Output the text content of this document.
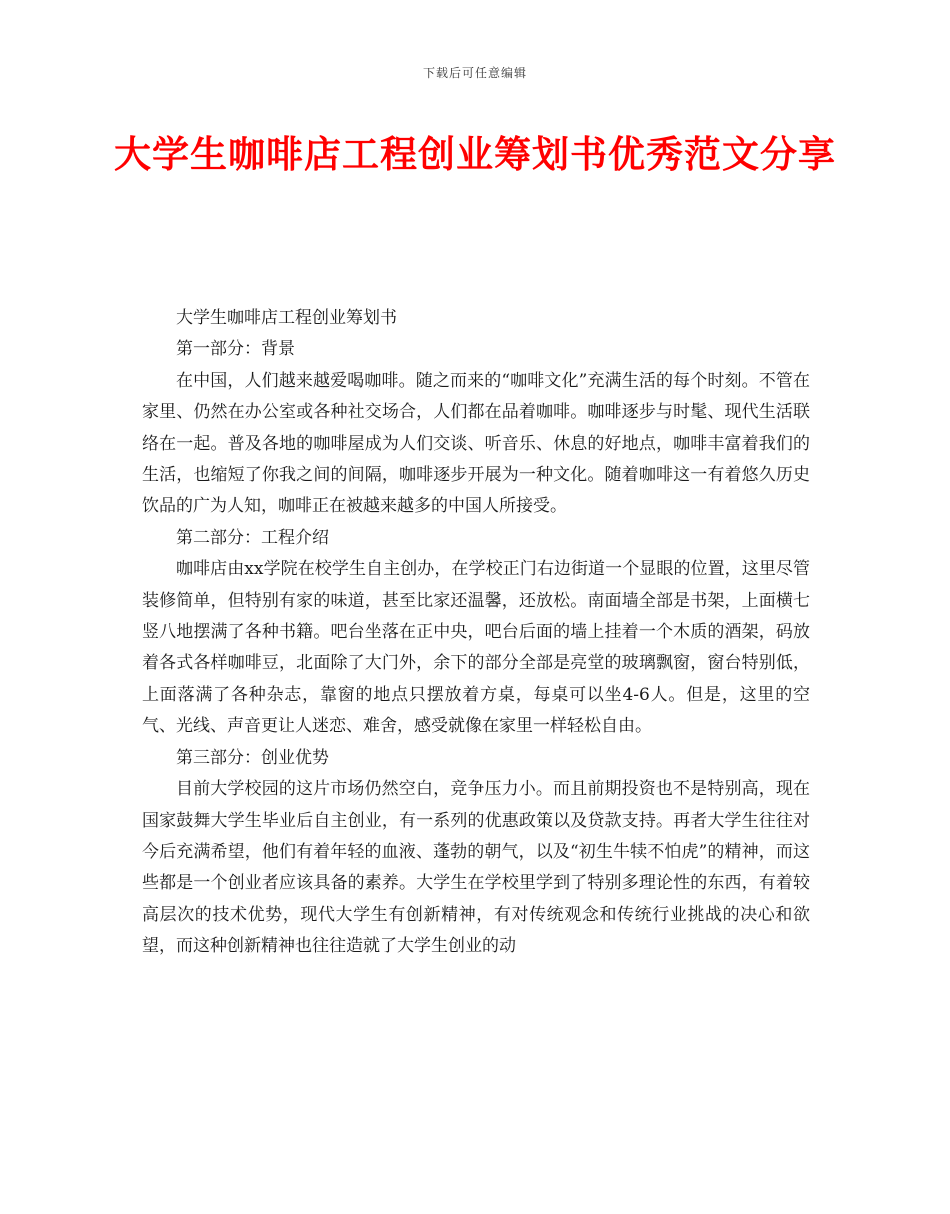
下载后可任意编辑
大学生咖啡店工程创业筹划书优秀范文分享

大学生咖啡店工程创业筹划书

第一部分：背景

在中国，人们越来越爱喝咖啡。随之而来的“咖啡文化”充满生活的每个时刻。不管在家里、仍然在办公室或各种社交场合，人们都在品着咖啡。咖啡逐步与时髦、现代生活联络在一起。普及各地的咖啡屋成为人们交谈、听音乐、休息的好地点，咖啡丰富着我们的生活，也缩短了你我之间的间隔，咖啡逐步开展为一种文化。随着咖啡这一有着悠久历史饮品的广为人知，咖啡正在被越来越多的中国人所接受。

第二部分：工程介绍

咖啡店由xx学院在校学生自主创办，在学校正门右边街道一个显眼的位置，这里尽管装修简单，但特别有家的味道，甚至比家还温馨，还放松。南面墙全部是书架，上面横七竖八地摆满了各种书籍。吧台坐落在正中央，吧台后面的墙上挂着一个木质的酒架，码放着各式各样咖啡豆，北面除了大门外，余下的部分全部是亮堂的玻璃飘窗，窗台特别低，上面落满了各种杂志，靠窗的地点只摆放着方桌，每桌可以坐4-6人。但是，这里的空气、光线、声音更让人迷恋、难舍，感受就像在家里一样轻松自由。

第三部分：创业优势

目前大学校园的这片市场仍然空白，竞争压力小。而且前期投资也不是特别高，现在国家鼓舞大学生毕业后自主创业，有一系列的优惠政策以及贷款支持。再者大学生往往对今后充满希望，他们有着年轻的血液、蓬勃的朝气，以及“初生牛犊不怕虎”的精神，而这些都是一个创业者应该具备的素养。大学生在学校里学到了特别多理论性的东西，有着较高层次的技术优势，现代大学生有创新精神，有对传统观念和传统行业挑战的决心和欲望，而这种创新精神也往往造就了大学生创业的动
